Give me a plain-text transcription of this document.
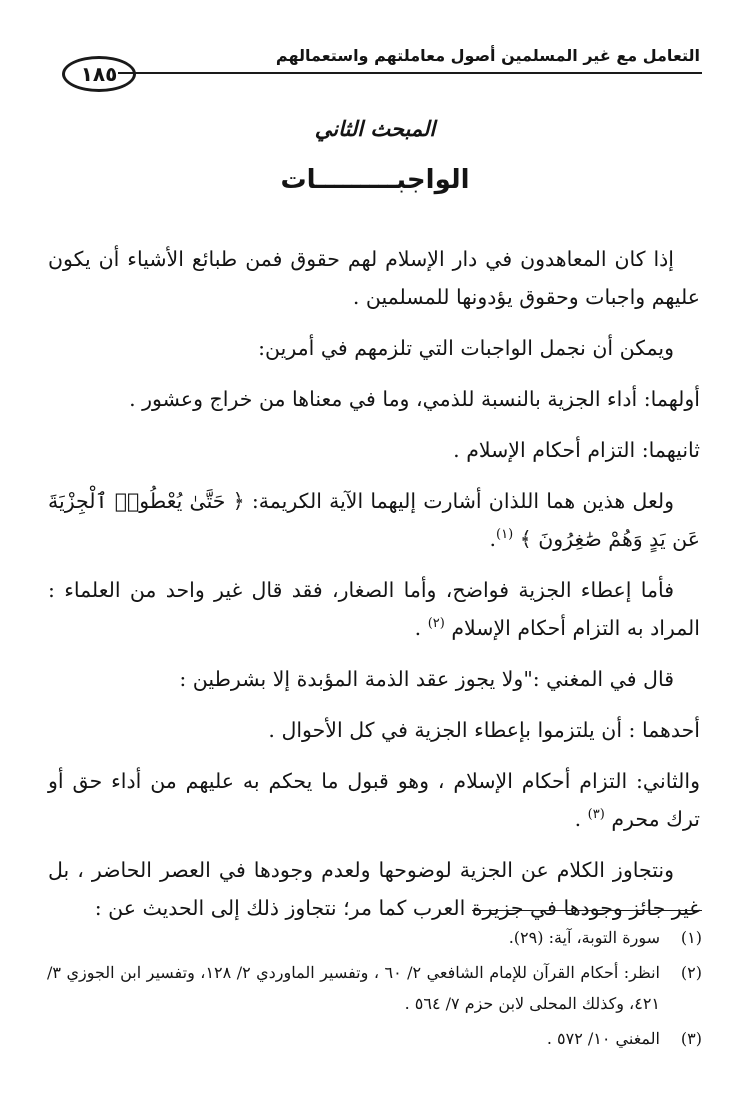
التعامل مع غير المسلمين أصول معاملتهم واستعمالهم
١٨٥
المبحث الثاني
الواجبـــــــــات

إذا كان المعاهدون في دار الإسلام لهم حقوق فمن طبائع الأشياء أن يكون عليهم واجبات وحقوق يؤدونها للمسلمين .

ويمكن أن نجمل الواجبات التي تلزمهم في أمرين:

أولهما: أداء الجزية بالنسبة للذمي، وما في معناها من خراج وعشور .

ثانيهما: التزام أحكام الإسلام .

ولعل هذين هما اللذان أشارت إليهما الآية الكريمة: ﴿ حَتَّىٰ يُعْطُوا۟ ٱلْجِزْيَةَ عَن يَدٍ وَهُمْ صَٰغِرُونَ ﴾ $^{(١)}$.

فأما إعطاء الجزية فواضح، وأما الصغار، فقد قال غير واحد من العلماء : المراد به التزام أحكام الإسلام $^{(٢)}$ .

قال في المغني :"ولا يجوز عقد الذمة المؤبدة إلا بشرطين :

أحدهما : أن يلتزموا بإعطاء الجزية في كل الأحوال .

والثاني: التزام أحكام الإسلام ، وهو قبول ما يحكم به عليهم من أداء حق أو ترك محرم $^{(٣)}$ .

ونتجاوز الكلام عن الجزية لوضوحها ولعدم وجودها في العصر الحاضر ، بل غير جائز وجودها في جزيرة العرب كما مر؛ نتجاوز ذلك إلى الحديث عن :

(١)
سورة التوبة، آية: (٢٩).
(٢)
انظر: أحكام القرآن للإمام الشافعي ٢/ ٦٠ ، وتفسير الماوردي ٢/ ١٢٨، وتفسير ابن الجوزي ٣/ ٤٢١، وكذلك المحلى لابن حزم ٧/ ٥٦٤ .
(٣)
المغني ١٠/ ٥٧٢ .
